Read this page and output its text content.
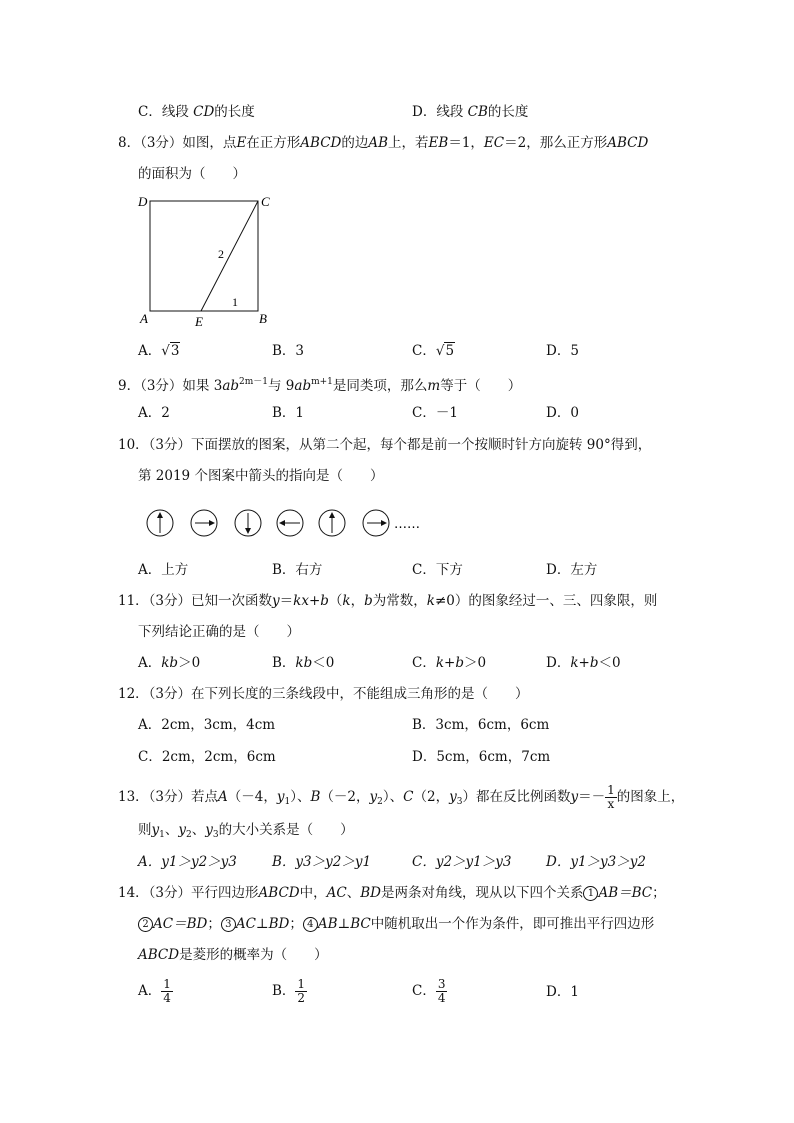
C．线段 CD的长度	D．线段 CB的长度
8．（3分）如图，点E在正方形ABCD的边AB上，若EB＝1，EC＝2，那么正方形ABCD
的面积为（　　）
D	C
A	E	B
2
1
A．√3	B．3	C．√5	D．5
9．（3分）如果 $3ab^{2m-1}$与 $9ab^{m+1}$是同类项，那么m等于（　　）
A．2	B．1	C．－1	D．0
10．（3分）下面摆放的图案，从第二个起，每个都是前一个按顺时针方向旋转 90°得到，
第 2019 个图案中箭头的指向是（　　）
……
A．上方	B．右方	C．下方	D．左方
11．（3分）已知一次函数y＝kx+b（k，b为常数，k≠0）的图象经过一、三、四象限，则
下列结论正确的是（　　）
A．kb＞0	B．kb＜0	C．k+b＞0	D．k+b＜0
12．（3分）在下列长度的三条线段中，不能组成三角形的是（　　）
A．2cm，3cm，4cm	B．3cm，6cm，6cm
C．2cm，2cm，6cm	D．5cm，6cm，7cm
13．（3分）若点A（－4，$y_1$）、B（－2，$y_2$）、C（2，$y_3$）都在反比例函数$y=- \frac{1}{x}$ 的图象上，
则$y_1$、$y_2$、$y_3$的大小关系是（　　）
A．y1＞y2＞y3	B．y3＞y2＞y1	C．y2＞y1＞y3	D．y1＞y3＞y2
14．（3分）平行四边形ABCD中，AC、BD是两条对角线，现从以下四个关系 1 AB＝BC；
2 AC＝BD； 3 AC⊥BD； 4 AB⊥BC中随机取出一个作为条件，即可推出平行四边形
ABCD是菱形的概率为（　　）
A． $\frac{1}{4}$	B． $\frac{1}{2}$	C． $\frac{3}{4}$	D．1
